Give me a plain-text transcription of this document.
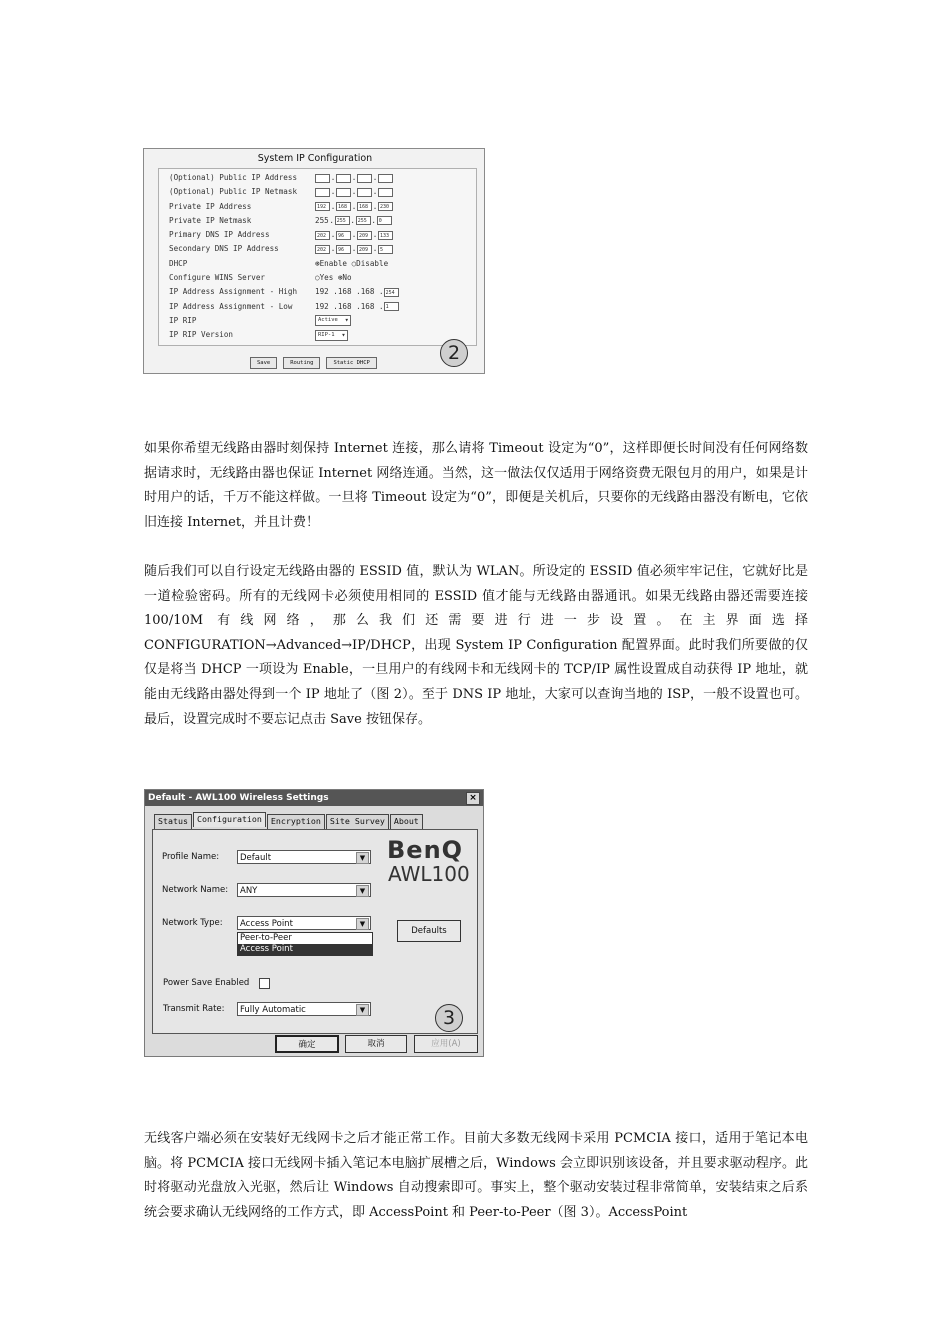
System IP Configuration
(Optional) Public IP Address	. . .
(Optional) Public IP Netmask	. . .
Private IP Address	192 . 168 . 168 . 230
Private IP Netmask	255. 255 . 255 . 0
Primary DNS IP Address	202 . 96 . 209 . 133
Secondary DNS IP Address	202 . 96 . 209 . 5
DHCP	⊛Enable ○Disable
Configure WINS Server	○Yes ⊛No
IP Address Assignment - High 192 .168 .168 . 254
IP Address Assignment - Low	192 .168 .168 . 1
IP RIP	Active ▾
IP RIP Version	RIP-1 ▾
Save	Routing	Static DHCP	2
如果你希望无线路由器时刻保持 Internet 连接，那么请将 Timeout 设定为“0”，这样即便长时间没有任何网络数据请求时，无线路由器也保证 Internet 网络连通。当然，这一做法仅仅适用于网络资费无限包月的用户，如果是计时用户的话，千万不能这样做。一旦将 Timeout 设定为“0”，即便是关机后，只要你的无线路由器没有断电，它依旧连接 Internet，并且计费！
随后我们可以自行设定无线路由器的 ESSID 值，默认为 WLAN。所设定的 ESSID 值必须牢牢记住，它就好比是一道检验密码。所有的无线网卡必须使用相同的 ESSID 值才能与无线路由器通讯。如果无线路由器还需要连接 100/10M 有线网络，那么我们还需要进行进一步设置。在主界面选择 CONFIGURATION→Advanced→IP/DHCP，出现 System IP Configuration 配置界面。此时我们所要做的仅仅是将当 DHCP 一项设为 Enable，一旦用户的有线网卡和无线网卡的 TCP/IP 属性设置成自动获得 IP 地址，就能由无线路由器处得到一个 IP 地址了（图 2）。至于 DNS IP 地址，大家可以查询当地的 ISP，一般不设置也可。最后，设置完成时不要忘记点击 Save 按钮保存。
Default - AWL100 Wireless Settings	×
Status	Configuration	Encryption	Site Survey	About
Profile Name:	Default	▼
Network Name:	ANY	▼
Network Type:	Access Point	▼
Peer-to-Peer
Access Point
BenQ
AWL100
Defaults
Power Save Enabled
Transmit Rate:	Fully Automatic	▼	3
确定	取消	应用(A)
无线客户端必须在安装好无线网卡之后才能正常工作。目前大多数无线网卡采用 PCMCIA 接口，适用于笔记本电脑。将 PCMCIA 接口无线网卡插入笔记本电脑扩展槽之后，Windows 会立即识别该设备，并且要求驱动程序。此时将驱动光盘放入光驱，然后让 Windows 自动搜索即可。事实上，整个驱动安装过程非常简单，安装结束之后系统会要求确认无线网络的工作方式，即 AccessPoint 和 Peer-to-Peer（图 3）。AccessPoint
